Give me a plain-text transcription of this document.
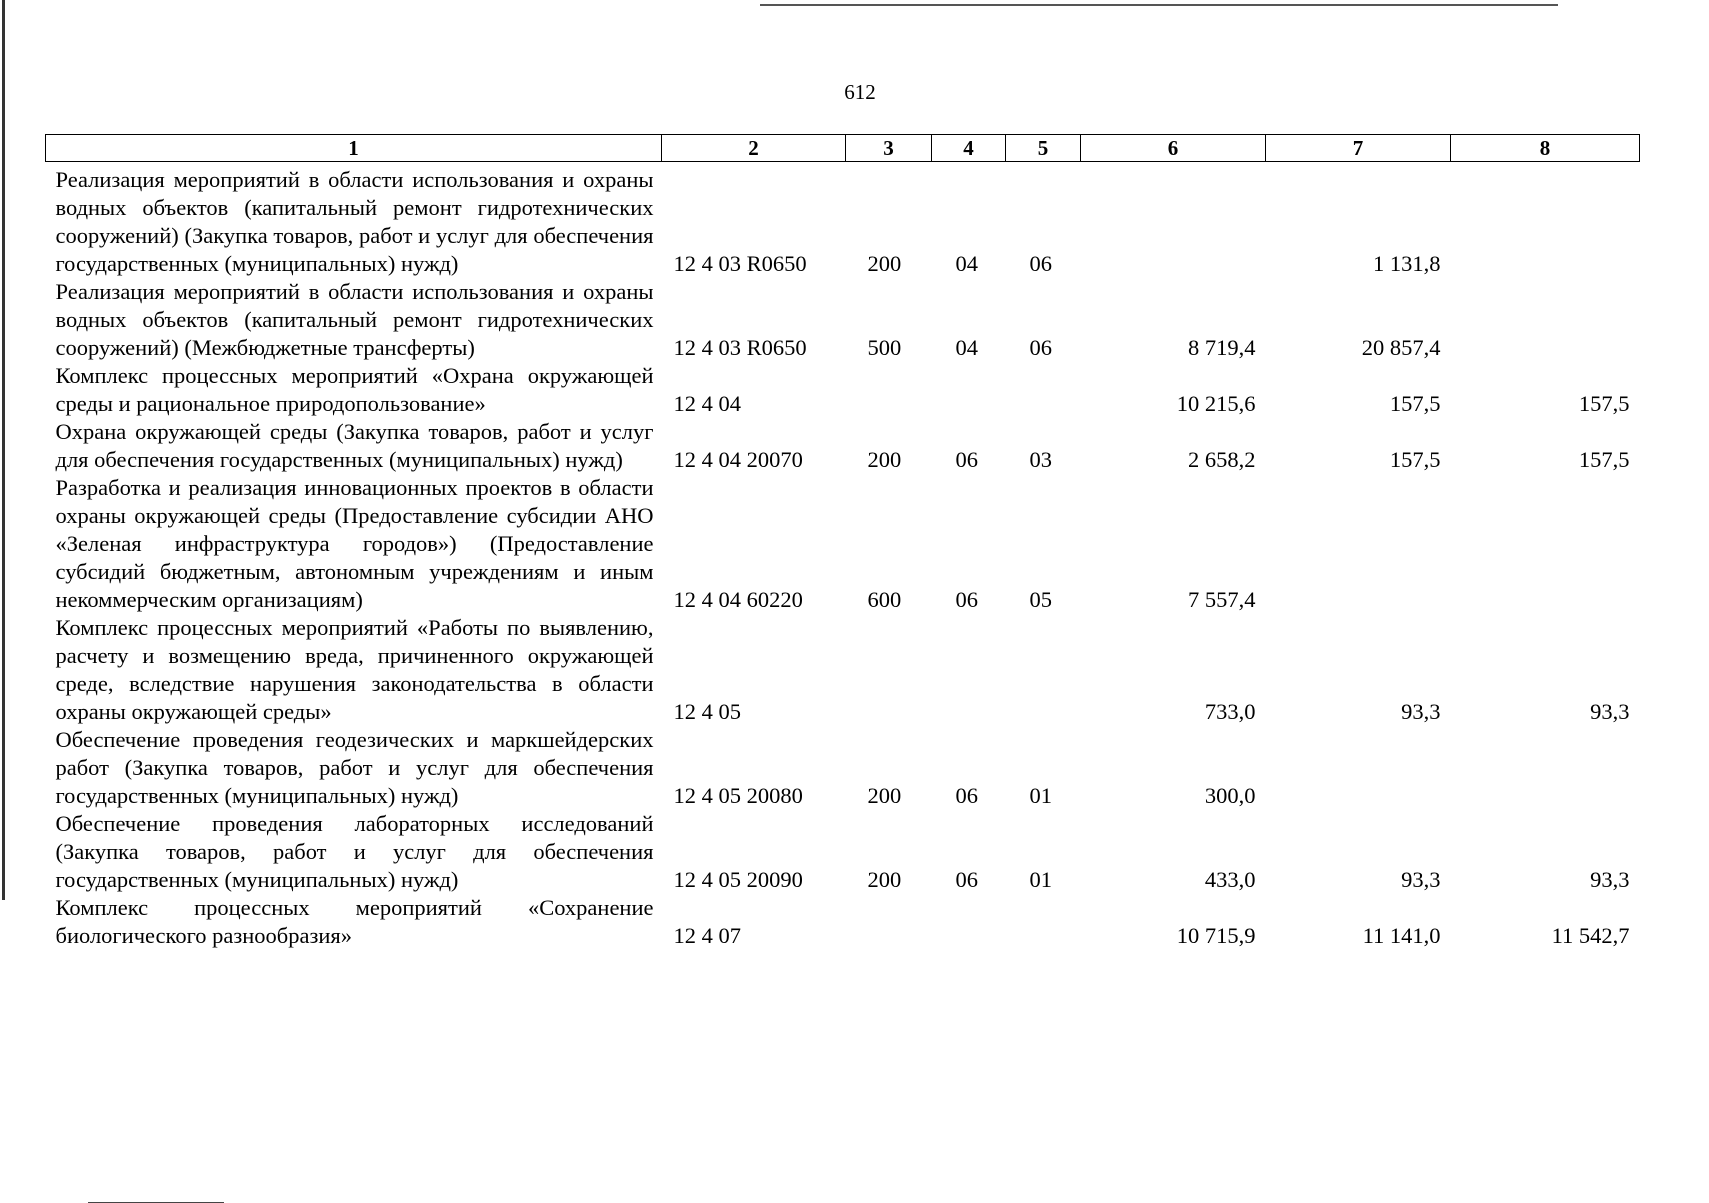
612
1	2	3	4	5	6	7	8
Реализация мероприятий в области использования и охраны водных объектов (капитальный ремонт гидротехнических сооружений) (Закупка товаров, работ и услуг для обеспечения государственных (муниципальных) нужд)	12 4 03 R0650	200	04	06		1 131,8	
Реализация мероприятий в области использования и охраны водных объектов (капитальный ремонт гидротехнических сооружений) (Межбюджетные трансферты)	12 4 03 R0650	500	04	06	8 719,4	20 857,4	
Комплекс процессных мероприятий «Охрана окружающей среды и рациональное природопользование»	12 4 04				10 215,6	157,5	157,5
Охрана окружающей среды (Закупка товаров, работ и услуг для обеспечения государственных (муниципальных) нужд)	12 4 04 20070	200	06	03	2 658,2	157,5	157,5
Разработка и реализация инновационных проектов в области охраны окружающей среды (Предоставление субсидии АНО «Зеленая инфраструктура городов») (Предоставление субсидий бюджетным, автономным учреждениям и иным некоммерческим организациям)	12 4 04 60220	600	06	05	7 557,4		
Комплекс процессных мероприятий «Работы по выявлению, расчету и возмещению вреда, причиненного окружающей среде, вследствие нарушения законодательства в области охраны окружающей среды»	12 4 05				733,0	93,3	93,3
Обеспечение проведения геодезических и маркшейдерских работ (Закупка товаров, работ и услуг для обеспечения государственных (муниципальных) нужд)	12 4 05 20080	200	06	01	300,0		
Обеспечение проведения лабораторных исследований (Закупка товаров, работ и услуг для обеспечения государственных (муниципальных) нужд)	12 4 05 20090	200	06	01	433,0	93,3	93,3
Комплекс процессных мероприятий «Сохранение биологического разнообразия»	12 4 07				10 715,9	11 141,0	11 542,7
